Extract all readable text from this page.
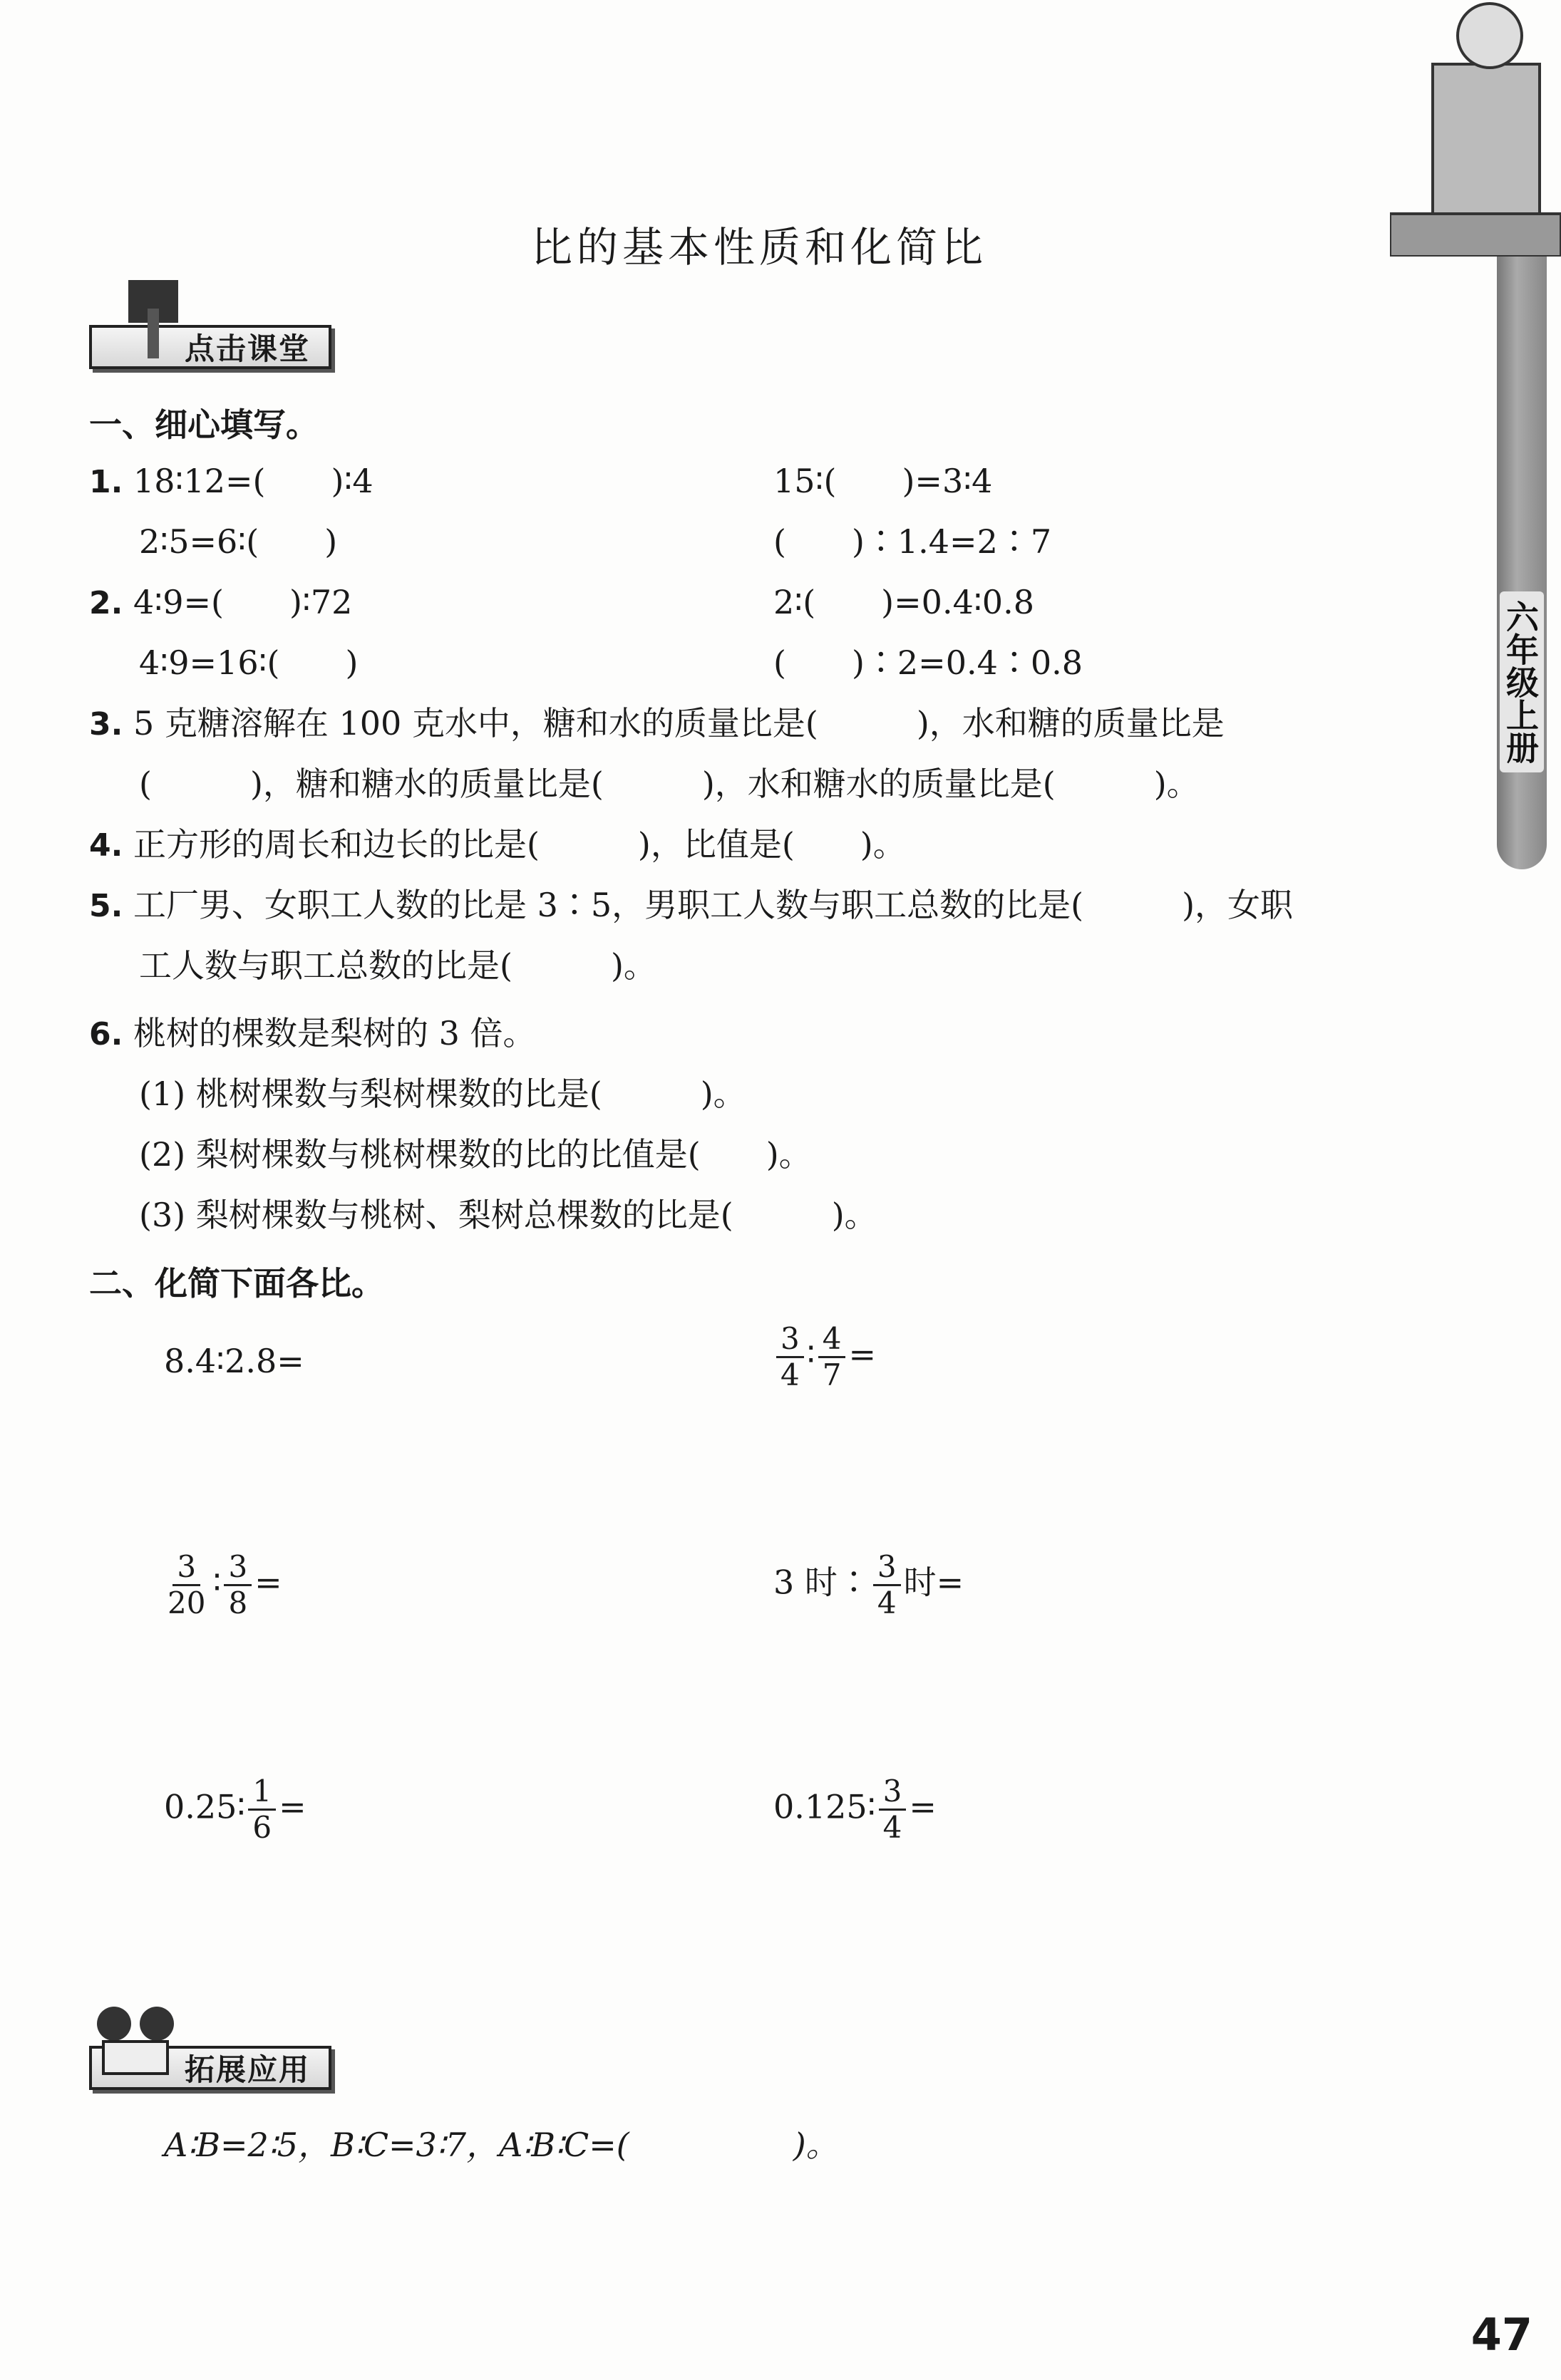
六年级上册
比的基本性质和化简比
点击课堂
一、细心填写。
1. 18∶12=(　　)∶4	15∶(　　)=3∶4
2∶5=6∶(　　)	(　　)∶1.4=2∶7
2. 4∶9=(　　)∶72	2∶(　　)=0.4∶0.8
4∶9=16∶(　　)	(　　)∶2=0.4∶0.8
3. 5 克糖溶解在 100 克水中，糖和水的质量比是(　　　)，水和糖的质量比是
(　　　)，糖和糖水的质量比是(　　　)，水和糖水的质量比是(　　　)。
4. 正方形的周长和边长的比是(　　　)，比值是(　　)。
5. 工厂男、女职工人数的比是 3∶5，男职工人数与职工总数的比是(　　　)，女职
工人数与职工总数的比是(　　　)。
6. 桃树的棵数是梨树的 3 倍。
(1) 桃树棵数与梨树棵数的比是(　　　)。
(2) 梨树棵数与桃树棵数的比的比值是(　　)。
(3) 梨树棵数与桃树、梨树总棵数的比是(　　　)。
二、化简下面各比。
8.4∶2.8=	$\frac{3}{4}$ ∶ $\frac{4}{7}$ =
$\frac{3}{20}$ ∶ $\frac{3}{8}$ =	3 时∶ $\frac{3}{4}$ 时=
0.25∶ $\frac{1}{6}$ =	0.125∶ $\frac{3}{4}$ =
拓展应用
A∶B=2∶5，B∶C=3∶7，A∶B∶C=(　　　　　)。
47
